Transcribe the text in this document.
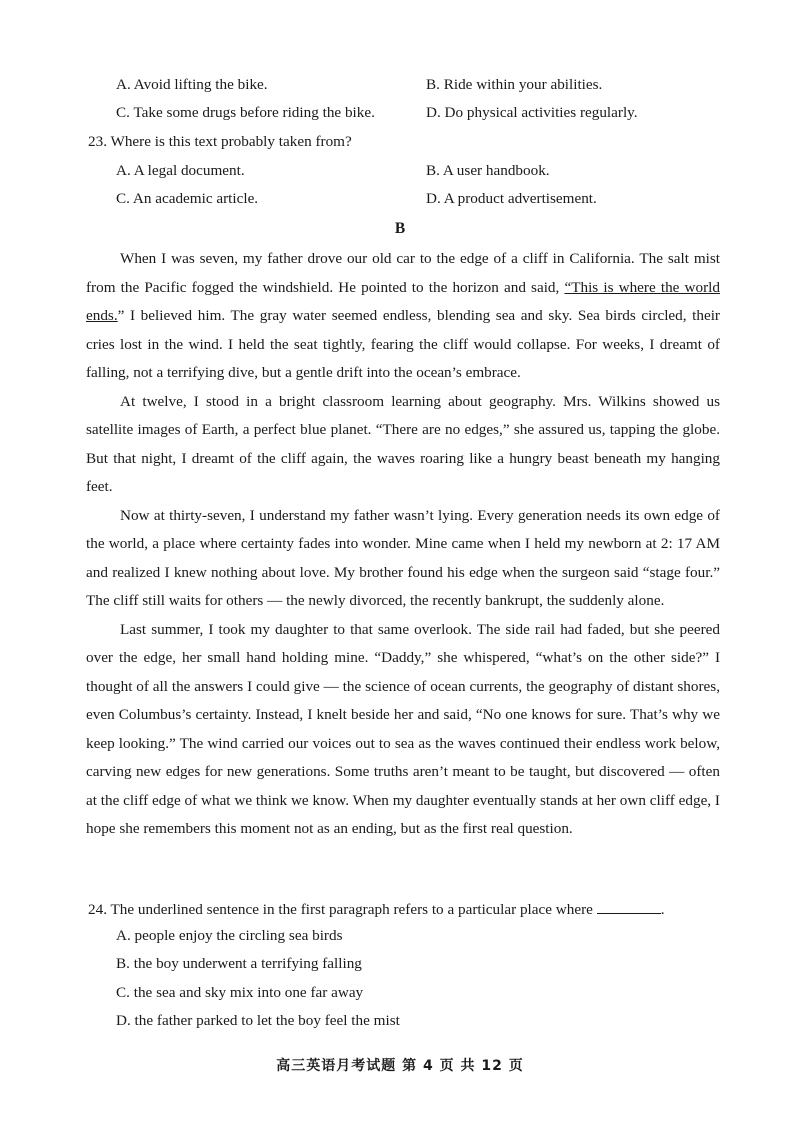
A. Avoid lifting the bike.	B. Ride within your abilities.
C. Take some drugs before riding the bike.	D. Do physical activities regularly.
23. Where is this text probably taken from?
A. A legal document.	B. A user handbook.
C. An academic article.	D. A product advertisement.
B

When I was seven, my father drove our old car to the edge of a cliff in California. The salt mist from the Pacific fogged the windshield. He pointed to the horizon and said, “This is where the world ends.” I believed him. The gray water seemed endless, blending sea and sky. Sea birds circled, their cries lost in the wind. I held the seat tightly, fearing the cliff would collapse. For weeks, I dreamt of falling, not a terrifying dive, but a gentle drift into the ocean’s embrace.

At twelve, I stood in a bright classroom learning about geography. Mrs. Wilkins showed us satellite images of Earth, a perfect blue planet. “There are no edges,” she assured us, tapping the globe. But that night, I dreamt of the cliff again, the waves roaring like a hungry beast beneath my hanging feet.

Now at thirty-seven, I understand my father wasn’t lying. Every generation needs its own edge of the world, a place where certainty fades into wonder. Mine came when I held my newborn at 2: 17 AM and realized I knew nothing about love. My brother found his edge when the surgeon said “stage four.” The cliff still waits for others — the newly divorced, the recently bankrupt, the suddenly alone.

Last summer, I took my daughter to that same overlook. The side rail had faded, but she peered over the edge, her small hand holding mine. “Daddy,” she whispered, “what’s on the other side?” I thought of all the answers I could give — the science of ocean currents, the geography of distant shores, even Columbus’s certainty. Instead, I knelt beside her and said, “No one knows for sure. That’s why we keep looking.” The wind carried our voices out to sea as the waves continued their endless work below, carving new edges for new generations. Some truths aren’t meant to be taught, but discovered — often at the cliff edge of what we think we know. When my daughter eventually stands at her own cliff edge, I hope she remembers this moment not as an ending, but as the first real question.

24. The underlined sentence in the first paragraph refers to a particular place where	.
A. people enjoy the circling sea birds
B. the boy underwent a terrifying falling
C. the sea and sky mix into one far away
D. the father parked to let the boy feel the mist
高三英语月考试题 第 4 页 共 12 页
